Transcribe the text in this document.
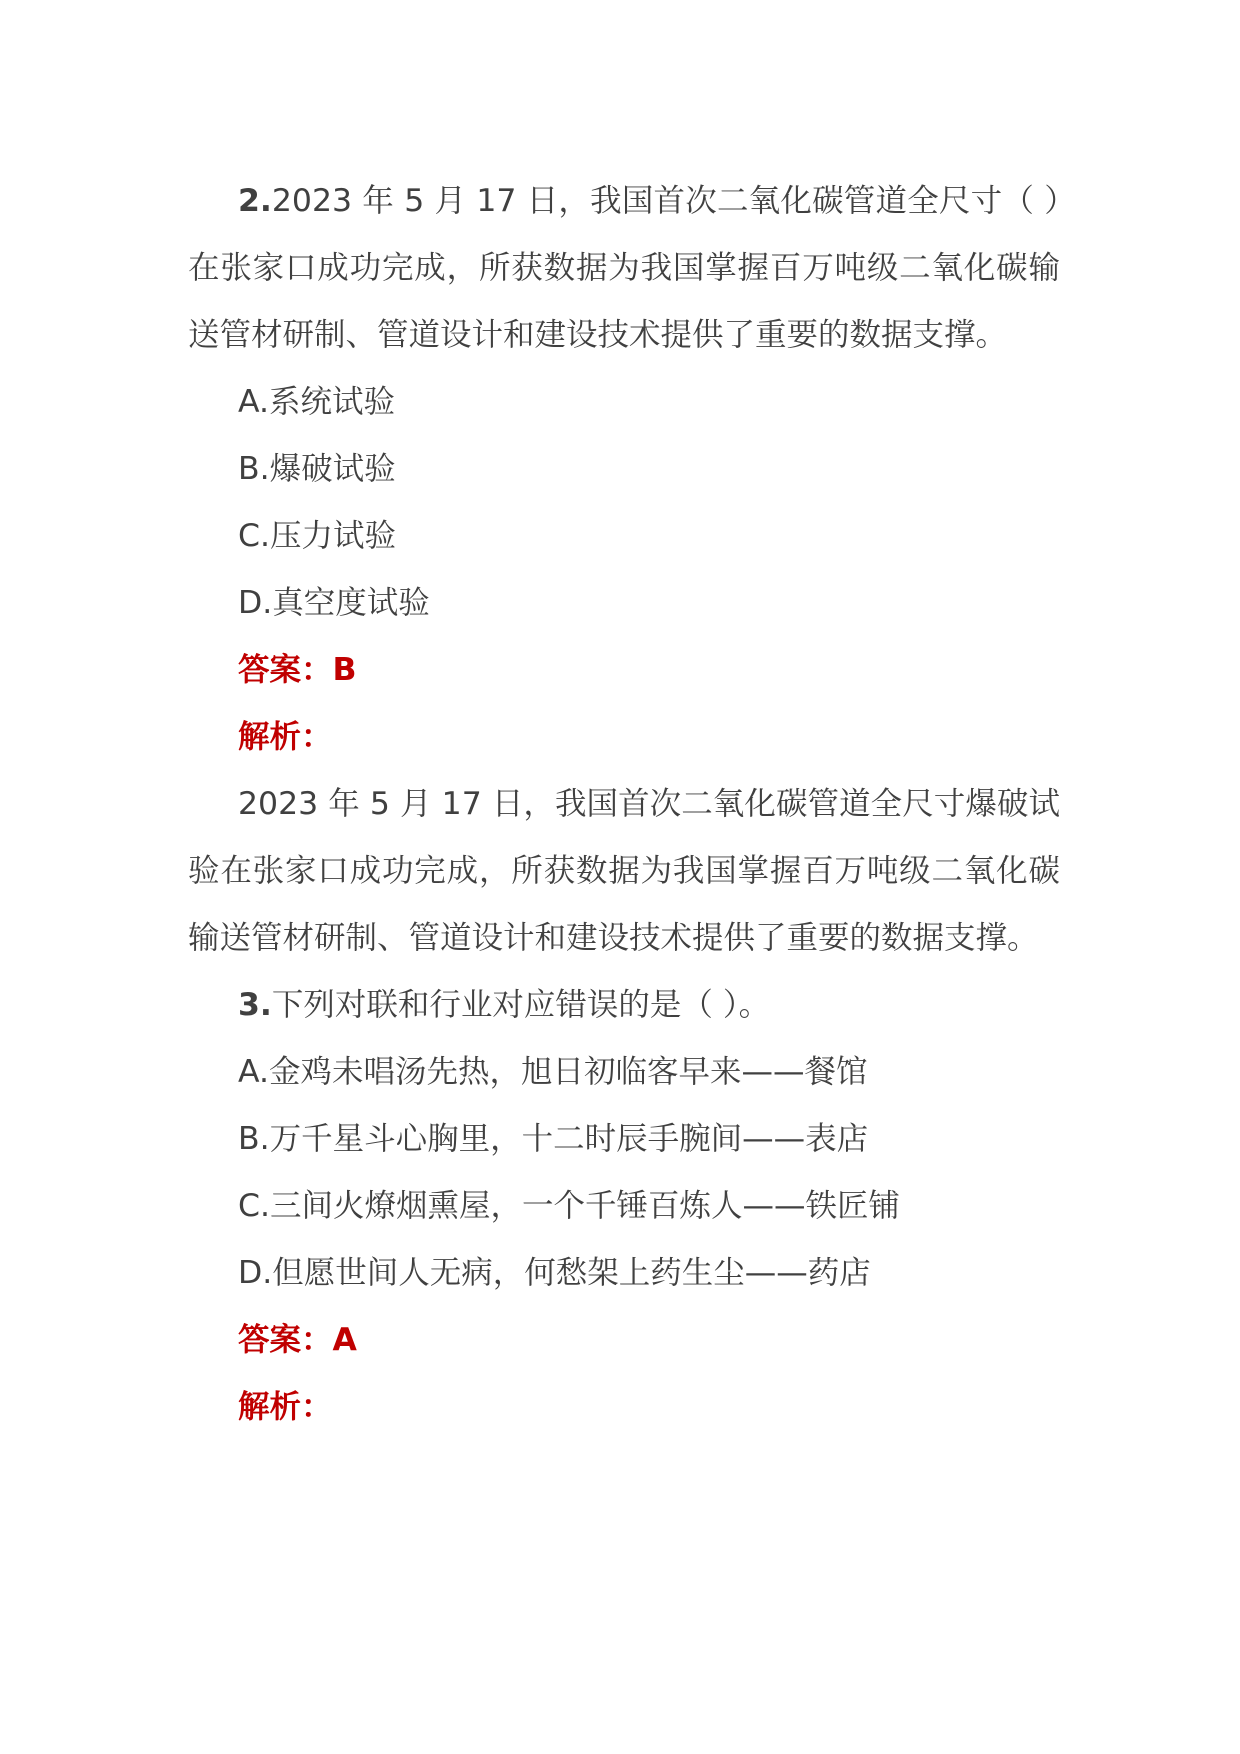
2.2023 年 5 月 17 日，我国首次二氧化碳管道全尺寸（ ）在张家口成功完成，所获数据为我国掌握百万吨级二氧化碳输送管材研制、管道设计和建设技术提供了重要的数据支撑。

A.系统试验

B.爆破试验

C.压力试验

D.真空度试验

答案：B

解析：

2023 年 5 月 17 日，我国首次二氧化碳管道全尺寸爆破试验在张家口成功完成，所获数据为我国掌握百万吨级二氧化碳输送管材研制、管道设计和建设技术提供了重要的数据支撑。

3.下列对联和行业对应错误的是（ ）。

A.金鸡未唱汤先热，旭日初临客早来——餐馆

B.万千星斗心胸里，十二时辰手腕间——表店

C.三间火燎烟熏屋，一个千锤百炼人——铁匠铺

D.但愿世间人无病，何愁架上药生尘——药店

答案：A

解析：
